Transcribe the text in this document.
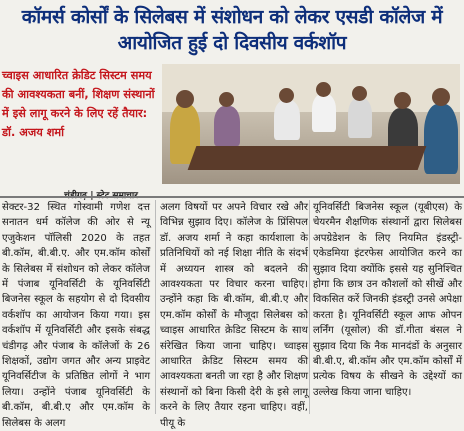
कॉमर्स कोर्सों के सिलेबस में संशोधन को लेकर एसडी कॉलेज में आयोजित हुई दो दिवसीय वर्कशॉप
च्वाइस आधारित क्रेडिट सिस्टम समय की आवश्यकता बनीं, शिक्षण संस्थानों में इसे लागू करने के लिए रहें तैयार: डॉ. अजय शर्मा

सेक्टर-32 स्थित गोस्वामी गणेश दत्त सनातन धर्म कॉलेज की ओर से न्यू एजुकेशन पॉलिसी 2020 के तहत बी.कॉम, बी.बी.ए. और एम.कॉम कोर्सों के सिलेबस में संशोधन को लेकर कॉलेज में पंजाब यूनिवर्सिटी के यूनिवर्सिटी बिजनेस स्कूल के सहयोग से दो दिवसीय वर्कशॉप का आयोजन किया गया। इस वर्कशॉप में यूनिवर्सिटी और इसके संबद्ध चंडीगढ़ और पंजाब के कॉलेजों के 26 शिक्षकों, उद्योग जगत और अन्य प्राइवेट यूनिवर्सिटीज के प्रतिष्ठित लोगों ने भाग लिया। उन्होंने पंजाब यूनिवर्सिटी के बी.कॉम, बी.बी.ए और एम.कॉम के सिलेबस के अलग

अलग विषयों पर अपने विचार रखे और विभिन्न सुझाव दिए। कॉलेज के प्रिंसिपल डॉ. अजय शर्मा ने कहा कार्यशाला के प्रतिनिधियों को नई शिक्षा नीति के संदर्भ में अध्ययन शास्त्र को बदलने की आवश्यकता पर विचार करना चाहिए। उन्होंने कहा कि बी.कॉम, बी.बी.ए और एम.कॉम कोर्सों के मौजूदा सिलेबस को च्वाइस आधारित क्रेडिट सिस्टम के साथ संरेखित किया जाना चाहिए। च्वाइस आधारित क्रेडिट सिस्टम समय की आवश्यकता बनती जा रहा है और शिक्षण संस्थानों को बिना किसी देरी के इसे लागू करने के लिए तैयार रहना चाहिए। वहीं, पीयू के

यूनिवर्सिटी बिजनेस स्कूल (यूबीएस) के चेयरमैन शैक्षणिक संस्थानों द्वारा सिलेबस अपग्रेडेशन के लिए नियमित इंडस्ट्री-एकेडमिया इंटरफेस आयोजित करने का सुझाव दिया क्योंकि इससे यह सुनिश्चित होगा कि छात्र उन कौशलों को सीखें और विकसित करें जिनकी इंडस्ट्री उनसे अपेक्षा करता है। यूनिवर्सिटी स्कूल आफ ओपन लर्निंग (यूसोल) की डॉ.गीता बंसल ने सुझाव दिया कि नैक मानदंडों के अनुसार बी.बी.ए, बी.कॉम और एम.कॉम कोर्सों में प्रत्येक विषय के सीखने के उद्देश्यों का उल्लेख किया जाना चाहिए।
